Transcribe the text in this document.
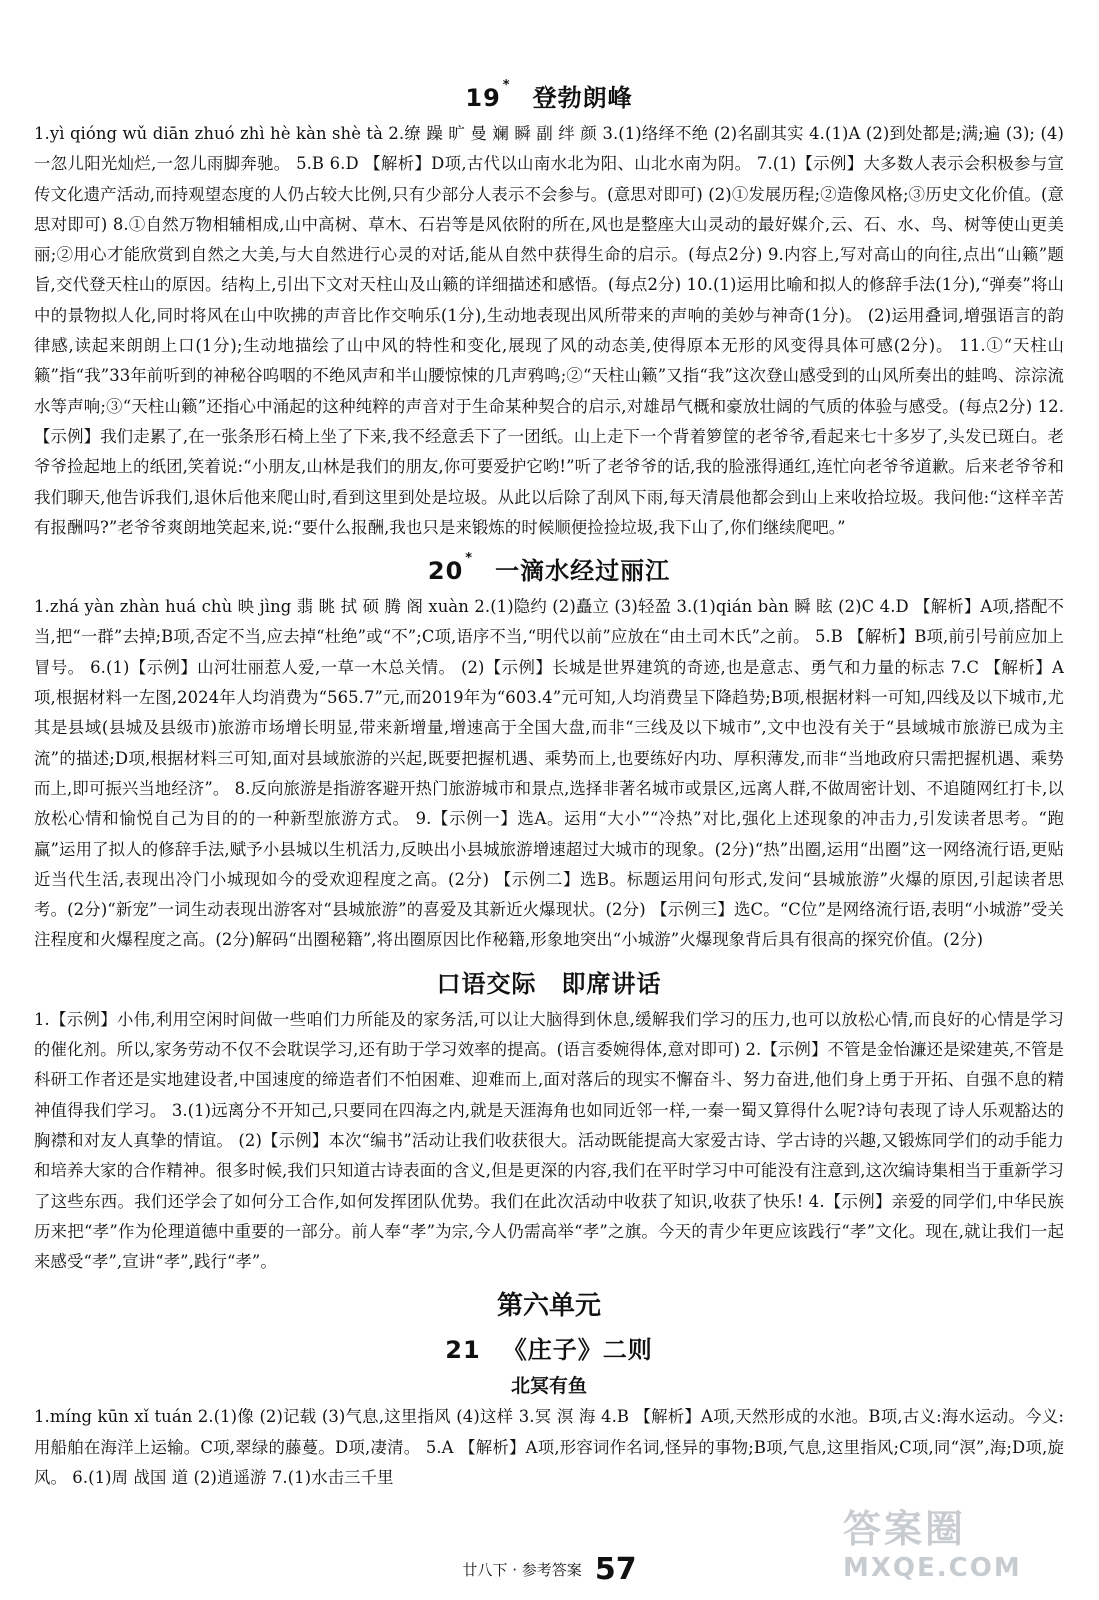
19 * 登勃朗峰

1.yì qióng wǔ diān zhuó zhì hè kàn shè tà 2.缭 躁 旷 曼 斓 瞬 副 绊 颜 3.(1)络绎不绝 (2)名副其实 4.(1)A (2)到处都是;满;遍 (3); (4)一忽儿阳光灿烂,一忽儿雨脚奔驰。 5.B 6.D 【解析】D项,古代以山南水北为阳、山北水南为阴。 7.(1)【示例】大多数人表示会积极参与宣传文化遗产活动,而持观望态度的人仍占较大比例,只有少部分人表示不会参与。(意思对即可) (2)①发展历程;②造像风格;③历史文化价值。(意思对即可) 8.①自然万物相辅相成,山中高树、草木、石岩等是风依附的所在,风也是整座大山灵动的最好媒介,云、石、水、鸟、树等使山更美丽;②用心才能欣赏到自然之大美,与大自然进行心灵的对话,能从自然中获得生命的启示。(每点2分) 9.内容上,写对高山的向往,点出“山籁”题旨,交代登天柱山的原因。结构上,引出下文对天柱山及山籁的详细描述和感悟。(每点2分) 10.(1)运用比喻和拟人的修辞手法(1分),“弹奏”将山中的景物拟人化,同时将风在山中吹拂的声音比作交响乐(1分),生动地表现出风所带来的声响的美妙与神奇(1分)。 (2)运用叠词,增强语言的韵律感,读起来朗朗上口(1分);生动地描绘了山中风的特性和变化,展现了风的动态美,使得原本无形的风变得具体可感(2分)。 11.①“天柱山籁”指“我”33年前听到的神秘谷呜咽的不绝风声和半山腰惊悚的几声鸦鸣;②“天柱山籁”又指“我”这次登山感受到的山风所奏出的蛙鸣、淙淙流水等声响;③“天柱山籁”还指心中涌起的这种纯粹的声音对于生命某种契合的启示,对雄昂气概和豪放壮阔的气质的体验与感受。(每点2分) 12.【示例】我们走累了,在一张条形石椅上坐了下来,我不经意丢下了一团纸。山上走下一个背着箩筐的老爷爷,看起来七十多岁了,头发已斑白。老爷爷捡起地上的纸团,笑着说:“小朋友,山林是我们的朋友,你可要爱护它哟!”听了老爷爷的话,我的脸涨得通红,连忙向老爷爷道歉。后来老爷爷和我们聊天,他告诉我们,退休后他来爬山时,看到这里到处是垃圾。从此以后除了刮风下雨,每天清晨他都会到山上来收拾垃圾。我问他:“这样辛苦有报酬吗?”老爷爷爽朗地笑起来,说:“要什么报酬,我也只是来锻炼的时候顺便捡捡垃圾,我下山了,你们继续爬吧。”

20 * 一滴水经过丽江

1.zhá yàn zhàn huá chù 映 jìng 翡 眺 拭 硕 腾 阁 xuàn 2.(1)隐约 (2)矗立 (3)轻盈 3.(1)qián bàn 瞬 眩 (2)C 4.D 【解析】A项,搭配不当,把“一群”去掉;B项,否定不当,应去掉“杜绝”或“不”;C项,语序不当,“明代以前”应放在“由土司木氏”之前。 5.B 【解析】B项,前引号前应加上冒号。 6.(1)【示例】山河壮丽惹人爱,一草一木总关情。 (2)【示例】长城是世界建筑的奇迹,也是意志、勇气和力量的标志 7.C 【解析】A项,根据材料一左图,2024年人均消费为“565.7”元,而2019年为“603.4”元可知,人均消费呈下降趋势;B项,根据材料一可知,四线及以下城市,尤其是县域(县城及县级市)旅游市场增长明显,带来新增量,增速高于全国大盘,而非“三线及以下城市”,文中也没有关于“县域城市旅游已成为主流”的描述;D项,根据材料三可知,面对县域旅游的兴起,既要把握机遇、乘势而上,也要练好内功、厚积薄发,而非“当地政府只需把握机遇、乘势而上,即可振兴当地经济”。 8.反向旅游是指游客避开热门旅游城市和景点,选择非著名城市或景区,远离人群,不做周密计划、不追随网红打卡,以放松心情和愉悦自己为目的的一种新型旅游方式。 9.【示例一】选A。运用“大小”“冷热”对比,强化上述现象的冲击力,引发读者思考。“跑赢”运用了拟人的修辞手法,赋予小县城以生机活力,反映出小县城旅游增速超过大城市的现象。(2分)“热”出圈,运用“出圈”这一网络流行语,更贴近当代生活,表现出冷门小城现如今的受欢迎程度之高。(2分) 【示例二】选B。标题运用问句形式,发问“县城旅游”火爆的原因,引起读者思考。(2分)“新宠”一词生动表现出游客对“县城旅游”的喜爱及其新近火爆现状。(2分) 【示例三】选C。“C位”是网络流行语,表明“小城游”受关注程度和火爆程度之高。(2分)解码“出圈秘籍”,将出圈原因比作秘籍,形象地突出“小城游”火爆现象背后具有很高的探究价值。(2分)

口语交际　即席讲话

1.【示例】小伟,利用空闲时间做一些咱们力所能及的家务活,可以让大脑得到休息,缓解我们学习的压力,也可以放松心情,而良好的心情是学习的催化剂。所以,家务劳动不仅不会耽误学习,还有助于学习效率的提高。(语言委婉得体,意对即可) 2.【示例】不管是金怡濂还是梁建英,不管是科研工作者还是实地建设者,中国速度的缔造者们不怕困难、迎难而上,面对落后的现实不懈奋斗、努力奋进,他们身上勇于开拓、自强不息的精神值得我们学习。 3.(1)远离分不开知己,只要同在四海之内,就是天涯海角也如同近邻一样,一秦一蜀又算得什么呢?诗句表现了诗人乐观豁达的胸襟和对友人真挚的情谊。 (2)【示例】本次“编书”活动让我们收获很大。活动既能提高大家爱古诗、学古诗的兴趣,又锻炼同学们的动手能力和培养大家的合作精神。很多时候,我们只知道古诗表面的含义,但是更深的内容,我们在平时学习中可能没有注意到,这次编诗集相当于重新学习了这些东西。我们还学会了如何分工合作,如何发挥团队优势。我们在此次活动中收获了知识,收获了快乐! 4.【示例】亲爱的同学们,中华民族历来把“孝”作为伦理道德中重要的一部分。前人奉“孝”为宗,今人仍需高举“孝”之旗。今天的青少年更应该践行“孝”文化。现在,就让我们一起来感受“孝”,宣讲“孝”,践行“孝”。

第六单元
21 《庄子》二则
北冥有鱼

1.míng kūn xǐ tuán 2.(1)像 (2)记载 (3)气息,这里指风 (4)这样 3.冥 溟 海 4.B 【解析】A项,天然形成的水池。B项,古义:海水运动。今义:用船舶在海洋上运输。C项,翠绿的藤蔓。D项,凄清。 5.A 【解析】A项,形容词作名词,怪异的事物;B项,气息,这里指风;C项,同“溟”,海;D项,旋风。 6.(1)周 战国 道 (2)逍遥游 7.(1)水击三千里

廿八下 · 参考答案 57
答案圈
MXQE.COM
